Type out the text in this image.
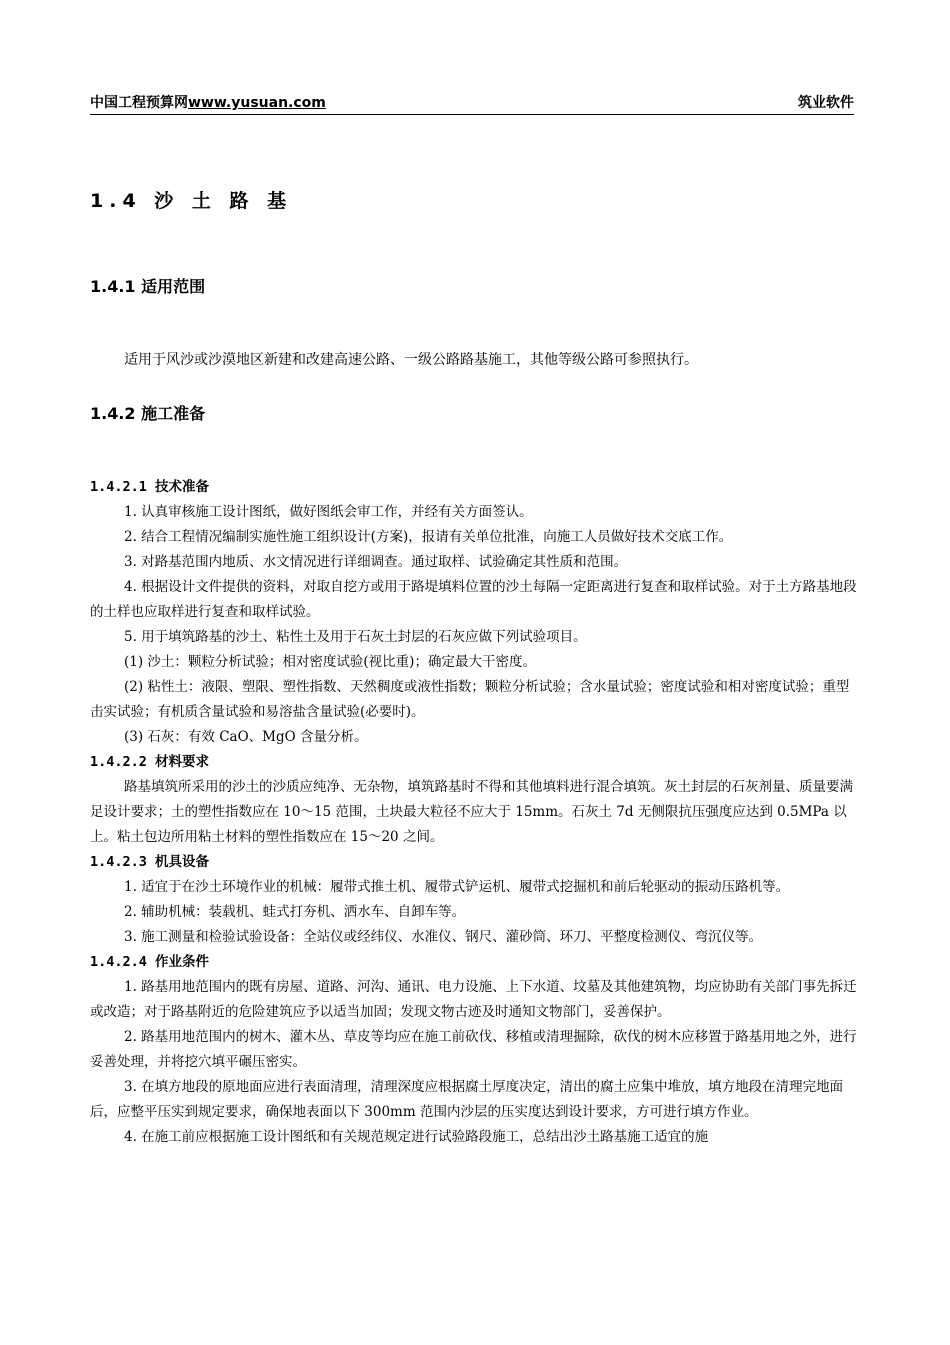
中国工程预算网www.yusuan.com	筑业软件
1.4 沙 土 路 基
1.4.1 适用范围
适用于风沙或沙漠地区新建和改建高速公路、一级公路路基施工，其他等级公路可参照执行。
1.4.2 施工准备
1.4.2.1 技术准备

1. 认真审核施工设计图纸，做好图纸会审工作，并经有关方面签认。

2. 结合工程情况编制实施性施工组织设计(方案)，报请有关单位批准，向施工人员做好技术交底工作。

3. 对路基范围内地质、水文情况进行详细调查。通过取样、试验确定其性质和范围。

4. 根据设计文件提供的资料，对取自挖方或用于路堤填料位置的沙土每隔一定距离进行复查和取样试验。对于土方路基地段的土样也应取样进行复查和取样试验。

5. 用于填筑路基的沙土、粘性土及用于石灰土封层的石灰应做下列试验项目。

(1) 沙土：颗粒分析试验；相对密度试验(视比重)；确定最大干密度。

(2) 粘性土：液限、塑限、塑性指数、天然稠度或液性指数；颗粒分析试验；含水量试验；密度试验和相对密度试验；重型击实试验；有机质含量试验和易溶盐含量试验(必要时)。

(3) 石灰：有效 CaO、MgO 含量分析。

1.4.2.2 材料要求

路基填筑所采用的沙土的沙质应纯净、无杂物，填筑路基时不得和其他填料进行混合填筑。灰土封层的石灰剂量、质量要满足设计要求；土的塑性指数应在 10～15 范围，土块最大粒径不应大于 15mm。石灰土 7d 无侧限抗压强度应达到 0.5MPa 以上。粘土包边所用粘土材料的塑性指数应在 15～20 之间。

1.4.2.3 机具设备

1. 适宜于在沙土环境作业的机械：履带式推土机、履带式铲运机、履带式挖掘机和前后轮驱动的振动压路机等。

2. 辅助机械：装载机、蛙式打夯机、洒水车、自卸车等。

3. 施工测量和检验试验设备：全站仪或经纬仪、水准仪、钢尺、灌砂筒、环刀、平整度检测仪、弯沉仪等。

1.4.2.4 作业条件

1. 路基用地范围内的既有房屋、道路、河沟、通讯、电力设施、上下水道、坟墓及其他建筑物，均应协助有关部门事先拆迁或改造；对于路基附近的危险建筑应予以适当加固；发现文物古迹及时通知文物部门，妥善保护。

2. 路基用地范围内的树木、灌木丛、草皮等均应在施工前砍伐、移植或清理掘除，砍伐的树木应移置于路基用地之外，进行妥善处理，并将挖穴填平碾压密实。

3. 在填方地段的原地面应进行表面清理，清理深度应根据腐土厚度决定，清出的腐土应集中堆放，填方地段在清理完地面后，应整平压实到规定要求，确保地表面以下 300mm 范围内沙层的压实度达到设计要求，方可进行填方作业。

4. 在施工前应根据施工设计图纸和有关规范规定进行试验路段施工，总结出沙土路基施工适宜的施
